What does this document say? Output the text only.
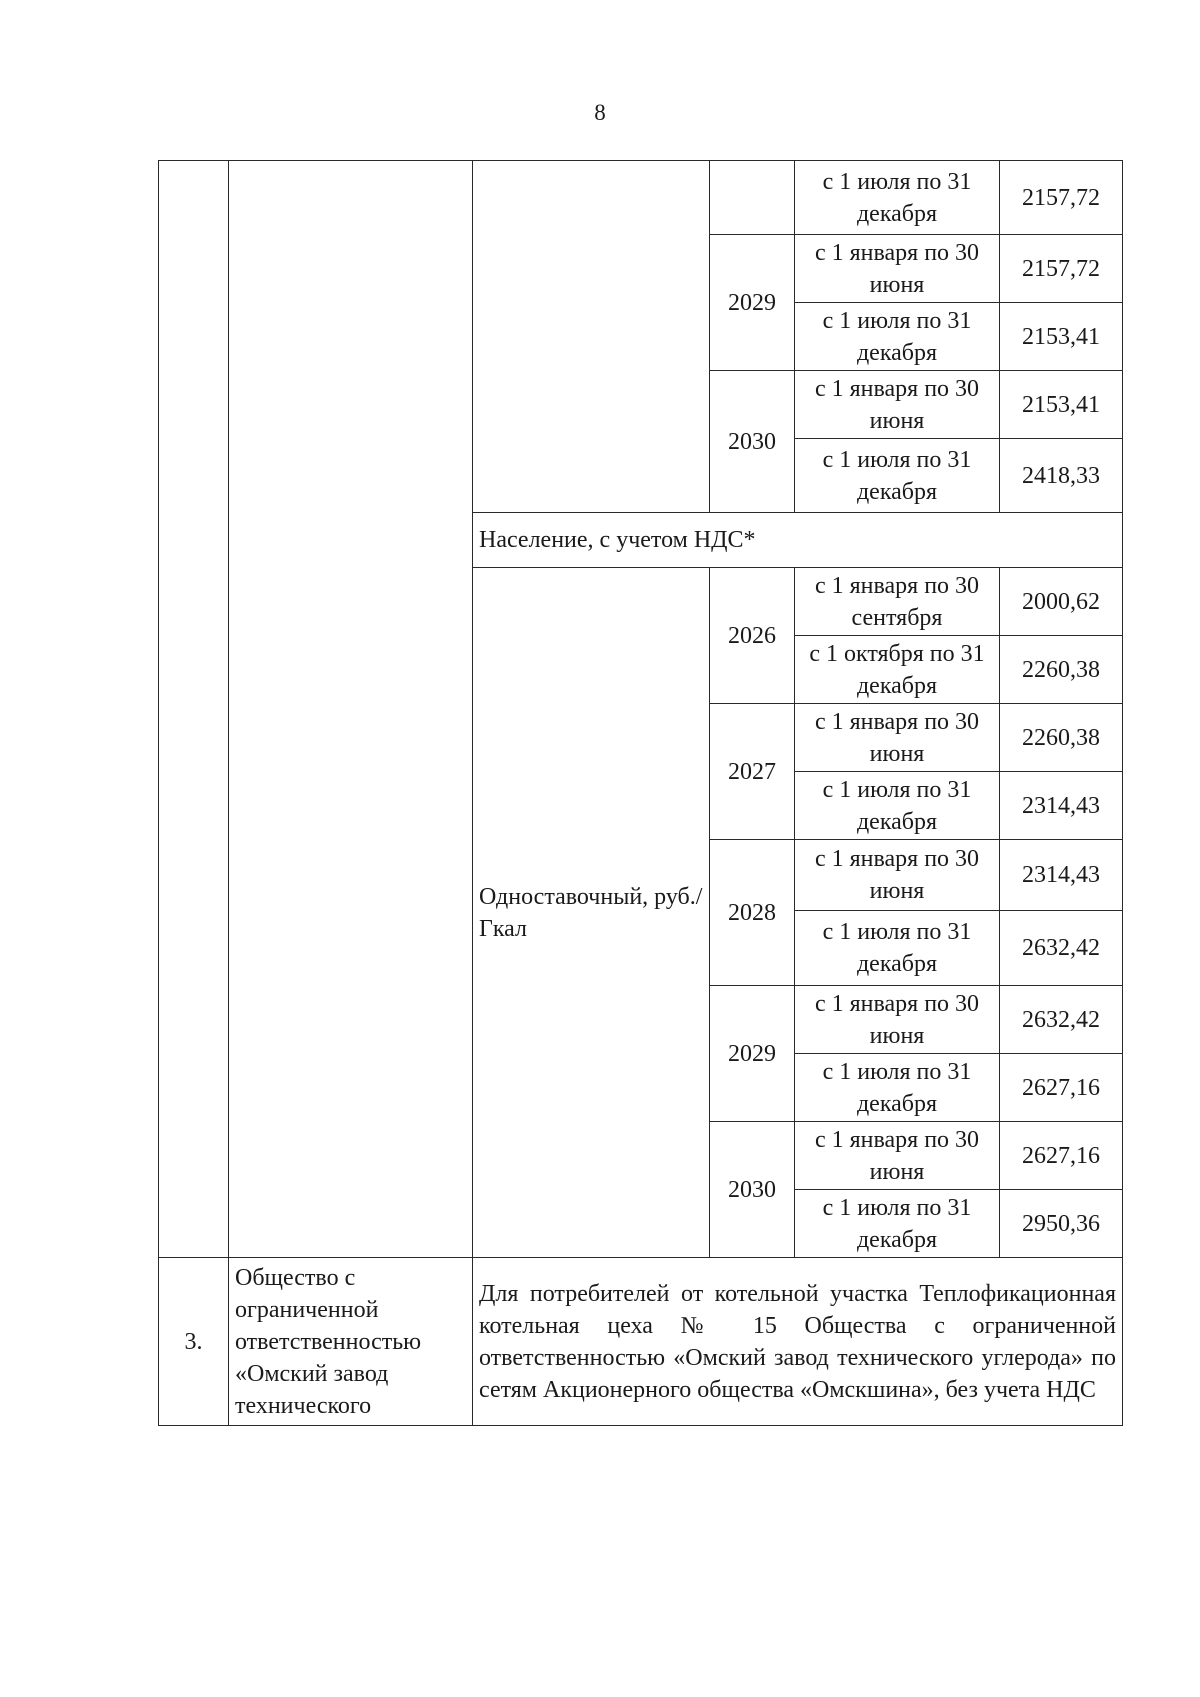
8
				с 1 июля по 31 декабря	2157,72
			2029	с 1 января по 30 июня	2157,72
				с 1 июля по 31 декабря	2153,41
			2030	с 1 января по 30 июня	2153,41
				с 1 июля по 31 декабря	2418,33
		Население, с учетом НДС*			
		Одноставочный, руб./Гкал	2026	с 1 января по 30 сентября	2000,62
				с 1 октября по 31 декабря	2260,38
			2027	с 1 января по 30 июня	2260,38
				с 1 июля по 31 декабря	2314,43
			2028	с 1 января по 30 июня	2314,43
				с 1 июля по 31 декабря	2632,42
			2029	с 1 января по 30 июня	2632,42
				с 1 июля по 31 декабря	2627,16
			2030	с 1 января по 30 июня	2627,16
				с 1 июля по 31 декабря	2950,36
3.	Общество с ограниченной ответственностью «Омский завод технического	Для потребителей от котельной участка Теплофикационная котельная цеха № 15 Общества с ограниченной ответственностью «Омский завод технического углерода» по сетям Акционерного общества «Омскшина», без учета НДС			
